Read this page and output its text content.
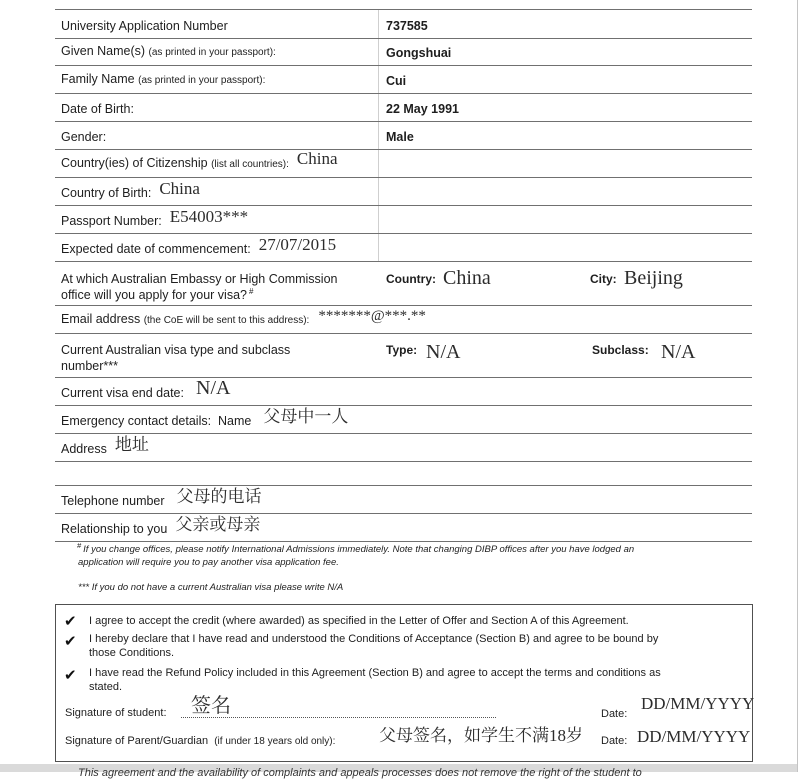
University Application Number	737585
Given Name(s) (as printed in your passport):	Gongshuai
Family Name (as printed in your passport):	Cui
Date of Birth:	22 May 1991
Gender:	Male
Country(ies) of Citizenship (list all countries): China
Country of Birth: China
Passport Number: E54003***
Expected date of commencement: 27/07/2015
At which Australian Embassy or High Commission
office will you apply for your visa? #
Country: China	City: Beijing
Email address (the CoE will be sent to this address): *******@***.**
Current Australian visa type and subclass
number***
Type: N/A	Subclass: N/A
Current visa end date: N/A
Emergency contact details: Name 父母中一人
Address 地址
Telephone number 父母的电话
Relationship to you 父亲或母亲
# If you change offices, please notify International Admissions immediately. Note that changing DIBP offices after you have lodged an
application will require you to pay another visa application fee.
*** If you do not have a current Australian visa please write N/A
✔
I agree to accept the credit (where awarded) as specified in the Letter of Offer and Section A of this Agreement.
✔
I hereby declare that I have read and understood the Conditions of Acceptance (Section B) and agree to be bound by
those Conditions.
✔
I have read the Refund Policy included in this Agreement (Section B) and agree to accept the terms and conditions as
stated.
Signature of student: 签名	Date:
DD/MM/YYYY
Signature of Parent/Guardian (if under 18 years old only):	父母签名，如学生不满18岁 Date: DD/MM/YYYY
This agreement and the availability of complaints and appeals processes does not remove the right of the student to
